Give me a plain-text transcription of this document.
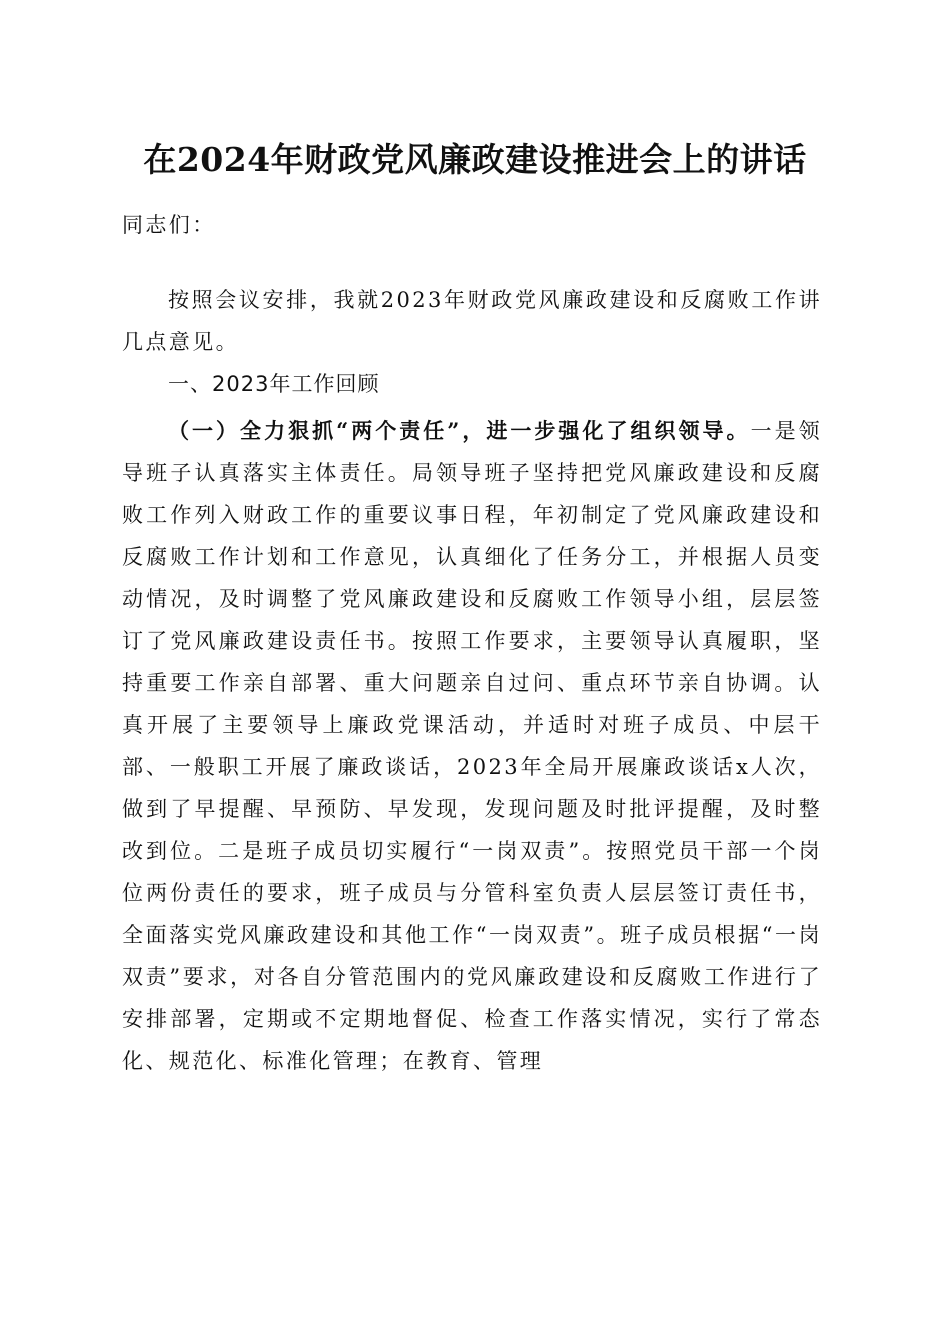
在2024年财政党风廉政建设推进会上的讲话
同志们：
按照会议安排，我就2023年财政党风廉政建设和反腐败工作讲几点意见。
一、2023年工作回顾
（一）全力狠抓“两个责任”，进一步强化了组织领导。一是领导班子认真落实主体责任。局领导班子坚持把党风廉政建设和反腐败工作列入财政工作的重要议事日程，年初制定了党风廉政建设和反腐败工作计划和工作意见，认真细化了任务分工，并根据人员变动情况，及时调整了党风廉政建设和反腐败工作领导小组，层层签订了党风廉政建设责任书。按照工作要求，主要领导认真履职，坚持重要工作亲自部署、重大问题亲自过问、重点环节亲自协调。认真开展了主要领导上廉政党课活动，并适时对班子成员、中层干部、一般职工开展了廉政谈话，2023年全局开展廉政谈话x人次，做到了早提醒、早预防、早发现，发现问题及时批评提醒，及时整改到位。二是班子成员切实履行“一岗双责”。按照党员干部一个岗位两份责任的要求，班子成员与分管科室负责人层层签订责任书，全面落实党风廉政建设和其他工作“一岗双责”。班子成员根据“一岗双责”要求，对各自分管范围内的党风廉政建设和反腐败工作进行了安排部署，定期或不定期地督促、检查工作落实情况，实行了常态化、规范化、标准化管理；在教育、管理
